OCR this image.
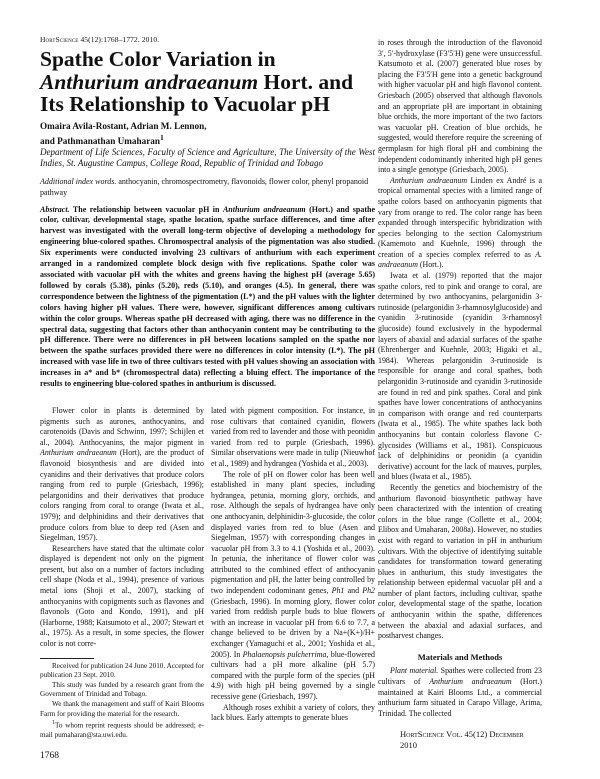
HortScience 45(12):1768–1772. 2010.
Spathe Color Variation in Anthurium andraeanum Hort. and Its Relationship to Vacuolar pH
Omaira Avila-Rostant, Adrian M. Lennon,
and Pathmanathan Umaharan$^1$
Department of Life Sciences, Faculty of Science and Agriculture, The University of the West Indies, St. Augustine Campus, College Road, Republic of Trinidad and Tobago
Additional index words. anthocyanin, chromospectrometry, flavonoids, flower color, phenyl propanoid pathway
Abstract. The relationship between vacuolar pH in Anthurium andraeanum (Hort.) and spathe color, cultivar, developmental stage, spathe location, spathe surface differences, and time after harvest was investigated with the overall long-term objective of developing a methodology for engineering blue-colored spathes. Chromospectral analysis of the pigmentation was also studied. Six experiments were conducted involving 23 cultivars of anthurium with each experiment arranged in a randomized complete block design with five replications. Spathe color was associated with vacuolar pH with the whites and greens having the highest pH (average 5.65) followed by corals (5.38), pinks (5.20), reds (5.10), and oranges (4.5). In general, there was correspondence between the lightness of the pigmentation (L*) and the pH values with the lighter colors having higher pH values. There were, however, significant differences among cultivars within the color groups. Whereas spathe pH decreased with aging, there was no difference in the spectral data, suggesting that factors other than anthocyanin content may be contributing to the pH difference. There were no differences in pH between locations sampled on the spathe nor between the spathe surfaces provided there were no differences in color intensity (L*). The pH increased with vase life in two of three cultivars tested with pH values showing an association with increases in a* and b* (chromospectral data) reflecting a bluing effect. The importance of the results to engineering blue-colored spathes in anthurium is discussed.

Flower color in plants is determined by pigments such as aurones, anthocyanins, and carotenoids (Davis and Schwinn, 1997; Schijlen et al., 2004). Anthocyanins, the major pigment in Anthurium andraeanum (Hort), are the product of flavonoid biosynthesis and are divided into cyanidins and their derivatives that produce colors ranging from red to purple (Griesbach, 1996); pelargonidins and their derivatives that produce colors ranging from coral to orange (Iwata et al., 1979); and delphinidins and their derivatives that produce colors from blue to deep red (Asen and Siegelman, 1957).

Researchers have stated that the ultimate color displayed is dependent not only on the pigment present, but also on a number of factors including cell shape (Noda et al., 1994), presence of various metal ions (Shoji et al., 2007), stacking of anthocyanins with copigments such as flavones and flavonols (Goto and Kondo, 1991), and pH (Harborne, 1988; Katsumoto et al., 2007; Stewart et al., 1975). As a result, in some species, the flower color is not corre-

Received for publication 24 June 2010. Accepted for publication 23 Sept. 2010.

This study was funded by a research grant from the Government of Trinidad and Tobago.

We thank the management and staff of Kairi Blooms Farm for providing the material for the research.

$^1$To whom reprint requests should be addressed; e-mail pumaharan@sta.uwi.edu.

1768

lated with pigment composition. For instance, in rose cultivars that contained cyanidin, flowers varied from red to lavender and those with peonidin varied from red to purple (Griesbach, 1996). Similar observations were made in tulip (Nieuwhof et al., 1989) and hydrangea (Yoshida et al., 2003).

The role of pH on flower color has been well established in many plant species, including hydrangea, petunia, morning glory, orchids, and rose. Although the sepals of hydrangea have only one anthocyanin, delphinidin-3-glucoside, the color displayed varies from red to blue (Asen and Siegelman, 1957) with corresponding changes in vacuolar pH from 3.3 to 4.1 (Yoshida et al., 2003). In petunia, the inheritance of flower color was attributed to the combined effect of anthocyanin pigmentation and pH, the latter being controlled by two independent codominant genes, Ph1 and Ph2 (Griesbach, 1996). In morning glory, flower color varied from reddish purple buds to blue flowers with an increase in vacuolar pH from 6.6 to 7.7, a change believed to be driven by a Na+(K+)/H+ exchanger (Yamaguchi et al., 2001; Yoshida et al., 2005). In Phalaenopsis pulcherrima, blue-flowered cultivars had a pH more alkaline (pH 5.7) compared with the purple form of the species (pH 4.9) with high pH being governed by a single recessive gene (Griesbach, 1997).

Although roses exhibit a variety of colors, they lack blues. Early attempts to generate blues

in roses through the introduction of the flavonoid 3′, 5′-hydroxylase (F3′5′H) gene were unsuccessful. Katsumoto et al. (2007) generated blue roses by placing the F3′5′H gene into a genetic background with higher vacuolar pH and high flavonol content. Griesbach (2005) observed that although flavonols and an appropriate pH are important in obtaining blue orchids, the more important of the two factors was vacuolar pH. Creation of blue orchids, he suggested, would therefore require the screening of germplasm for high floral pH and combining the independent codominantly inherited high pH genes into a single genotype (Griesbach, 2005).

Anthurium andraeanum Linden ex André is a tropical ornamental species with a limited range of spathe colors based on anthocyanin pigments that vary from orange to red. The color range has been expanded through interspecific hybridization with species belonging to the section Calomystrium (Kamemoto and Kuehnle, 1996) through the creation of a species complex referred to as A. andraeanum (Hort.).

Iwata et al. (1979) reported that the major spathe colors, red to pink and orange to coral, are determined by two anthocyanins, pelargonidin 3-rutinoside (pelargonidin 3-rhamnosylglucoside) and cyanidin 3-rutinoside (cyanidin 3-rhamnosyl glucoside) found exclusively in the hypodermal layers of abaxial and adaxial surfaces of the spathe (Ehrenberger and Kuehnle, 2003; Higaki et al., 1984). Whereas pelargonidin 3-rutinoside is responsible for orange and coral spathes, both pelargonidin 3-rutinoside and cyanidin 3-rutinoside are found in red and pink spathes. Coral and pink spathes have lower concentrations of anthocyanins in comparison with orange and red counterparts (Iwata et al., 1985). The white spathes lack both anthocyanins but contain colorless flavone C-glycosides (Williams et al., 1981). Conspicuous lack of delphinidins or peonidin (a cyanidin derivative) account for the lack of mauves, purples, and blues (Iwata et al., 1985).

Recently the genetics and biochemistry of the anthurium flavonoid biosynthetic pathway have been characterized with the intention of creating colors in the blue range (Collette et al., 2004; Elibox and Umaharan, 2008a). However, no studies exist with regard to variation in pH in anthurium cultivars. With the objective of identifying suitable candidates for transformation toward generating blues in anthurium, this study investigates the relationship between epidermal vacuolar pH and a number of plant factors, including cultivar, spathe color, developmental stage of the spathe, location of anthocyanin within the spathe, differences between the abaxial and adaxial surfaces, and postharvest changes.

Materials and Methods

Plant material. Spathes were collected from 23 cultivars of Anthurium andraeanum (Hort.) maintained at Kairi Blooms Ltd., a commercial anthurium farm situated in Carapo Village, Arima, Trinidad. The collected

HortScience Vol. 45(12) December 2010
